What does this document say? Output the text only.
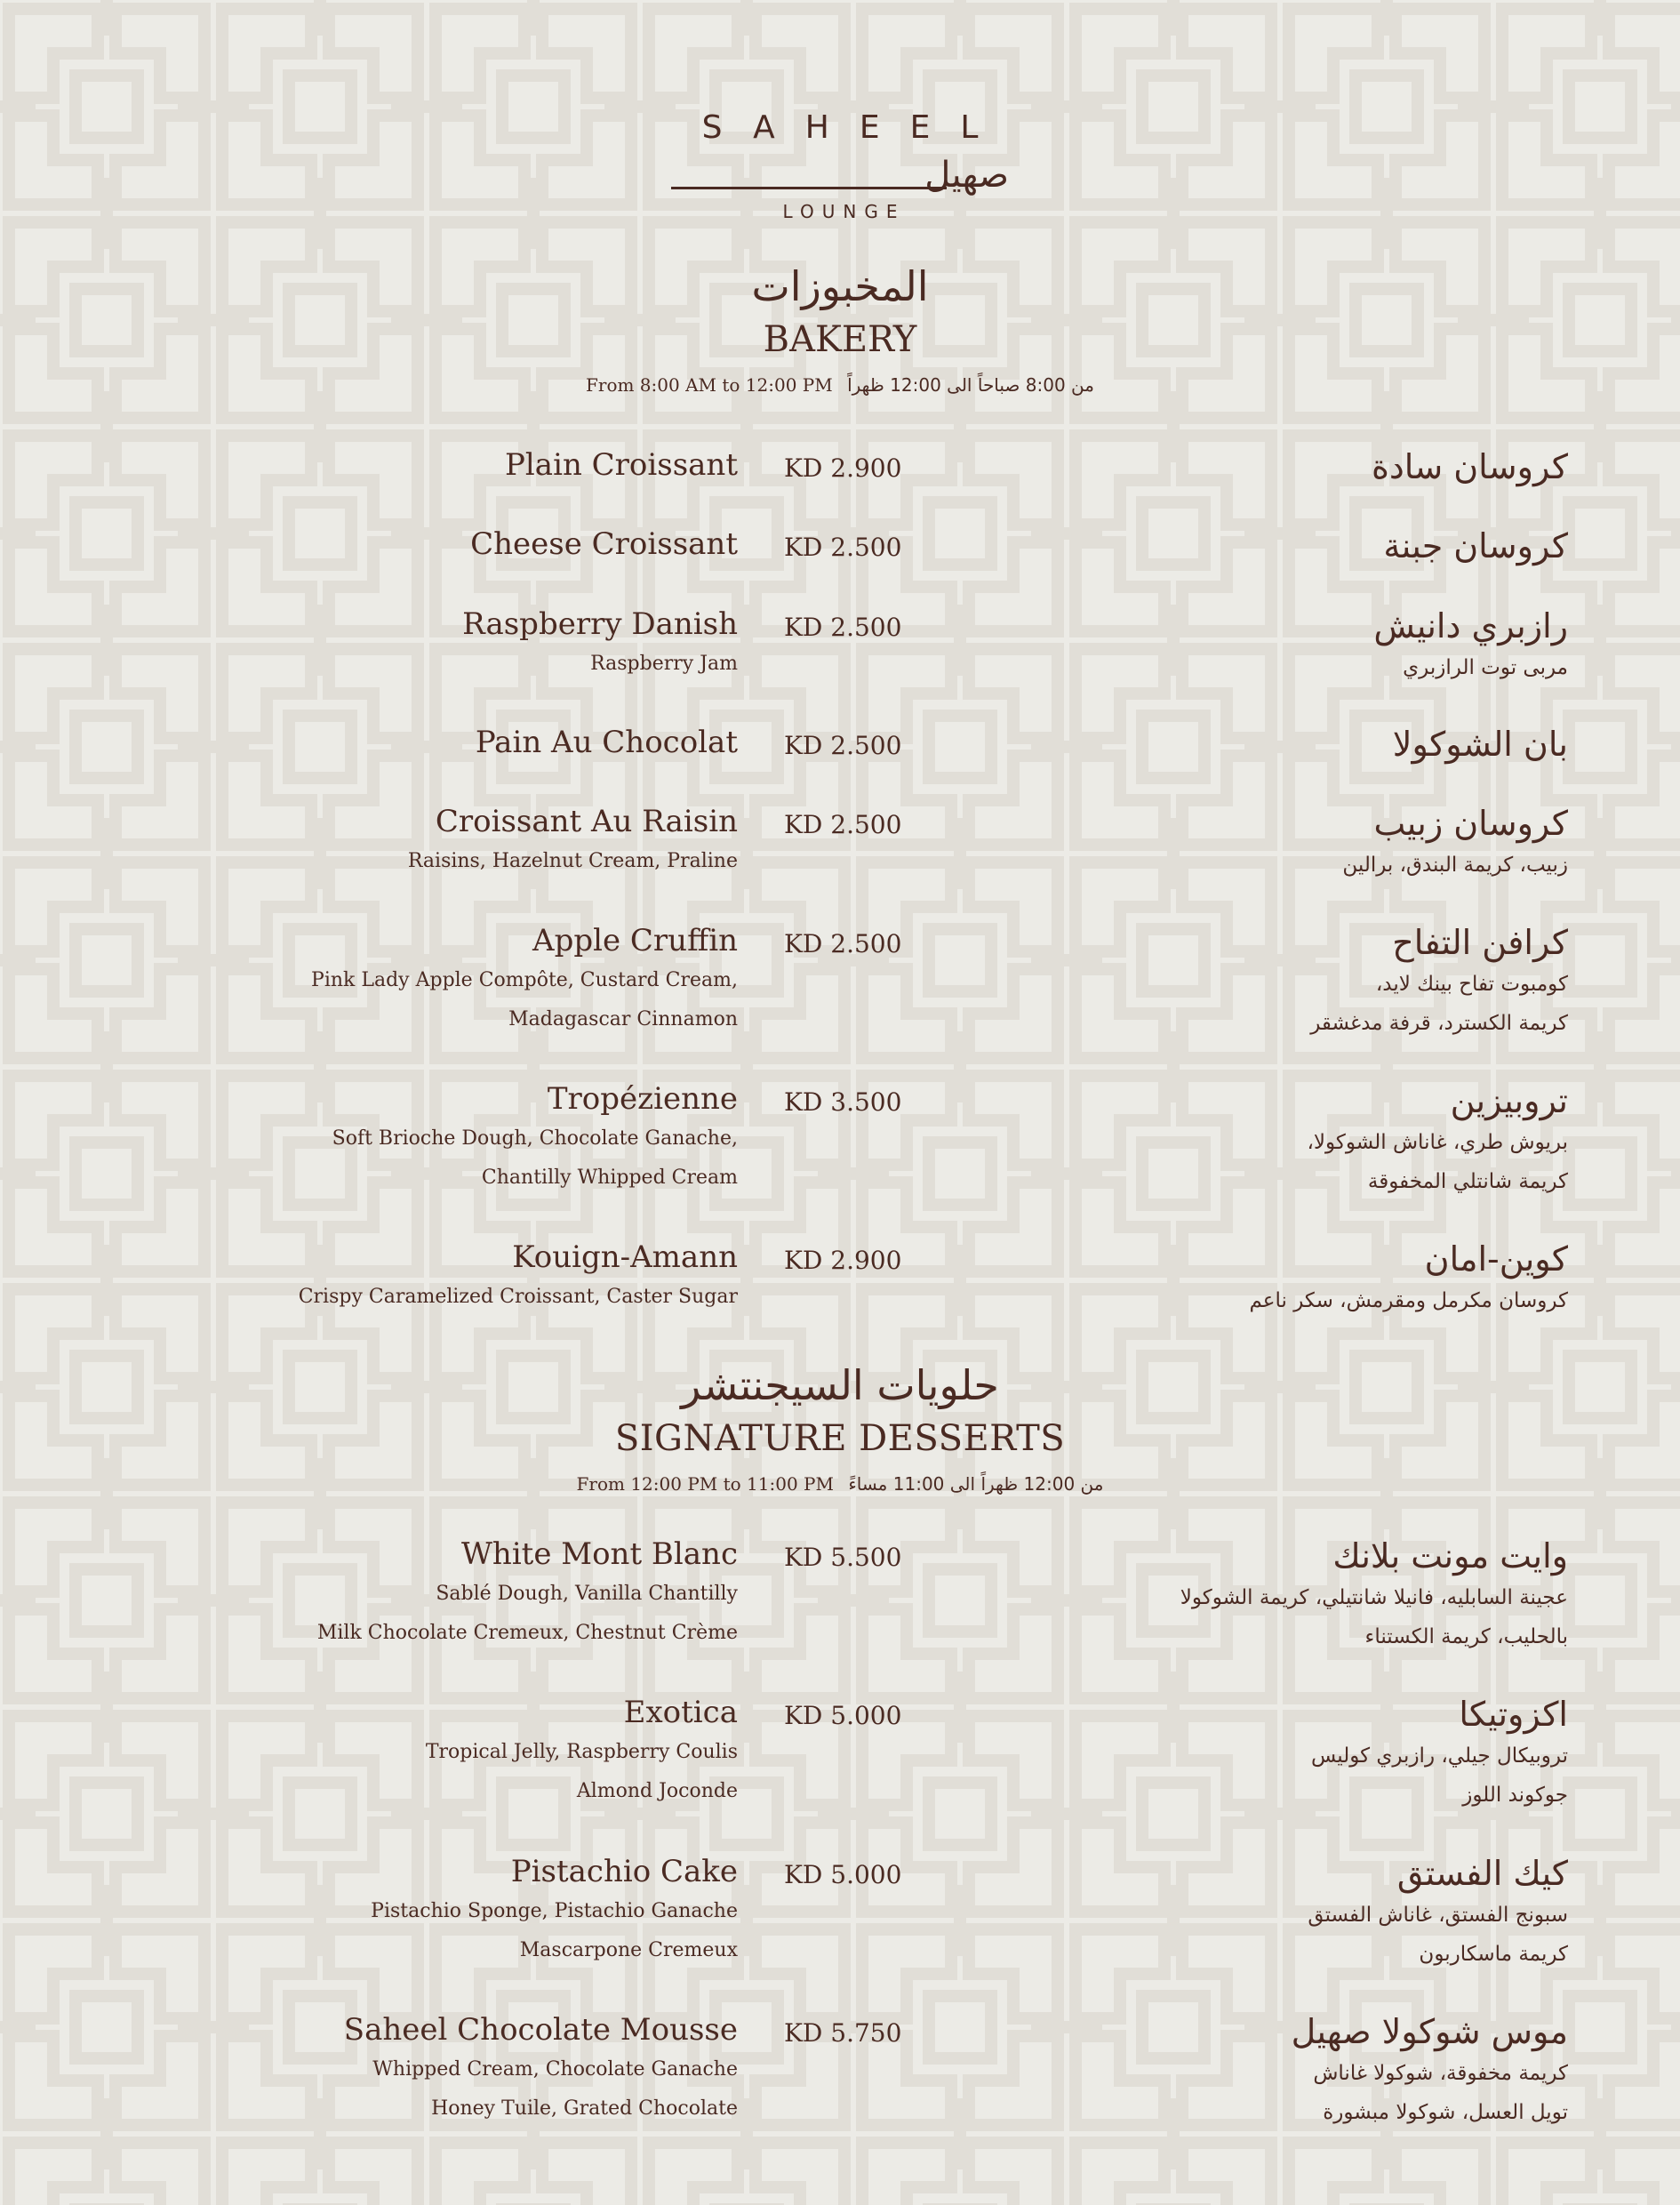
SAHEEL
صهيل
LOUNGE
المخبوزات
BAKERY
From 8:00 AM to 12:00 PM من 8:00 صباحاً الى 12:00 ظهراً
Plain Croissant KD 2.900	كروسان سادة
Cheese Croissant KD 2.500	كروسان جبنة
Raspberry Danish
Raspberry Jam
KD 2.500	رازبري دانيش
مربى توت الرازبري
Pain Au Chocolat KD 2.500	بان الشوكولا
Croissant Au Raisin
Raisins, Hazelnut Cream, Praline
KD 2.500	كروسان زبيب
زبيب، كريمة البندق، برالين
Apple Cruffin
Pink Lady Apple Compôte, Custard Cream,
Madagascar Cinnamon
KD 2.500	كرافن التفاح
كومبوت تفاح بينك لايد،
كريمة الكسترد، قرفة مدغشقر
Tropézienne
Soft Brioche Dough, Chocolate Ganache,
Chantilly Whipped Cream
KD 3.500	تروبيزين
بريوش طري، غاناش الشوكولا،
كريمة شانتلي المخفوقة
Kouign-Amann
Crispy Caramelized Croissant, Caster Sugar
KD 2.900	كوين-امان
كروسان مكرمل ومقرمش، سكر ناعم
حلويات السيجنتشر
SIGNATURE DESSERTS
From 12:00 PM to 11:00 PM من 12:00 ظهراً الى 11:00 مساءً
White Mont Blanc
Sablé Dough, Vanilla Chantilly
Milk Chocolate Cremeux, Chestnut Crème
KD 5.500	وايت مونت بلانك
عجينة السابليه، فانيلا شانتيلي، كريمة الشوكولا
بالحليب، كريمة الكستناء
Exotica
Tropical Jelly, Raspberry Coulis
Almond Joconde
KD 5.000	اكزوتيكا
تروبيكال جيلي، رازبري كوليس
جوكوند اللوز
Pistachio Cake
Pistachio Sponge, Pistachio Ganache
Mascarpone Cremeux
KD 5.000	كيك الفستق
سبونج الفستق، غاناش الفستق
كريمة ماسكاربون
Saheel Chocolate Mousse
Whipped Cream, Chocolate Ganache
Honey Tuile, Grated Chocolate
KD 5.750	موس شوكولا صهيل
كريمة مخفوقة، شوكولا غاناش
تويل العسل، شوكولا مبشورة
